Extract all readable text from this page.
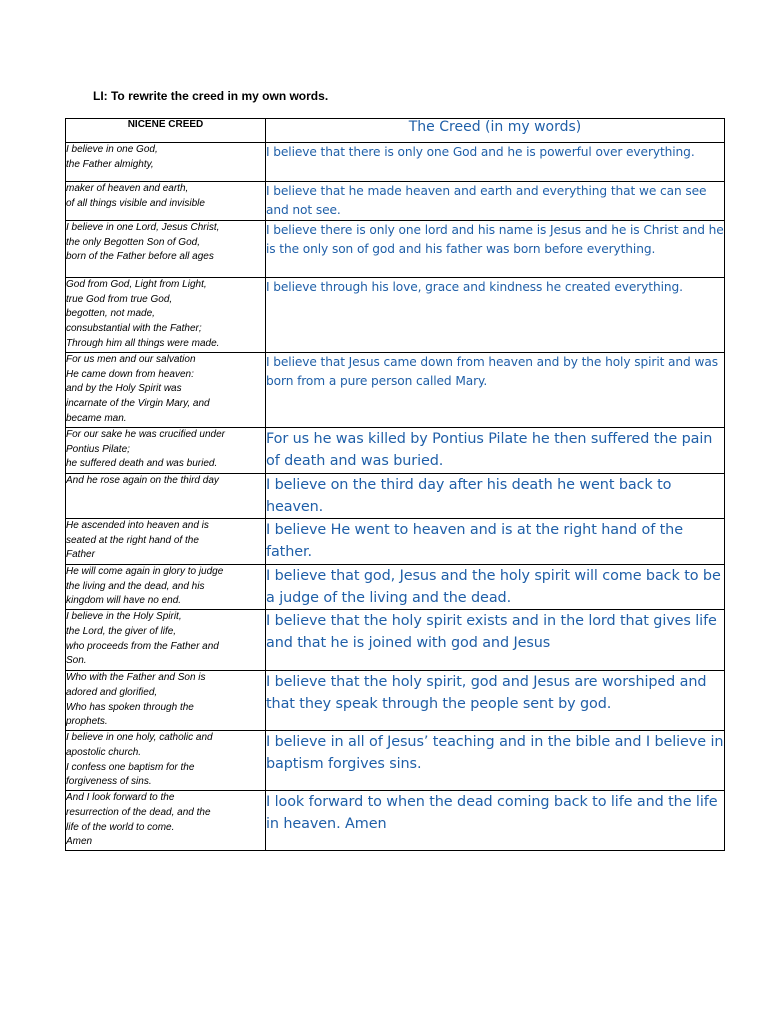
LI: To rewrite the creed in my own words.
NICENE CREED	The Creed (in my words)
I believe in one God,
the Father almighty,	I believe that there is only one God and he is powerful over everything.
maker of heaven and earth,
of all things visible and invisible	I believe that he made heaven and earth and everything that we can see and not see.
I believe in one Lord, Jesus Christ,
the only Begotten Son of God,
born of the Father before all ages	I believe there is only one lord and his name is Jesus and he is Christ and he is the only son of god and his father was born before everything.
God from God, Light from Light,
true God from true God,
begotten, not made,
consubstantial with the Father;
Through him all things were made.	I believe through his love, grace and kindness he created everything.
For us men and our salvation
He came down from heaven:
and by the Holy Spirit was
incarnate of the Virgin Mary, and
became man.	I believe that Jesus came down from heaven and by the holy spirit and was born from a pure person called Mary.
For our sake he was crucified under
Pontius Pilate;
he suffered death and was buried.	For us he was killed by Pontius Pilate he then suffered the pain of death and was buried.
And he rose again on the third day	I believe on the third day after his death he went back to heaven.
He ascended into heaven and is
seated at the right hand of the
Father	I believe He went to heaven and is at the right hand of the father.
He will come again in glory to judge
the living and the dead, and his
kingdom will have no end.	I believe that god, Jesus and the holy spirit will come back to be a judge of the living and the dead.
I believe in the Holy Spirit,
the Lord, the giver of life,
who proceeds from the Father and
Son.	I believe that the holy spirit exists and in the lord that gives life and that he is joined with god and Jesus
Who with the Father and Son is
adored and glorified,
Who has spoken through the
prophets.	I believe that the holy spirit, god and Jesus are worshiped and that they speak through the people sent by god.
I believe in one holy, catholic and
apostolic church.
I confess one baptism for the
forgiveness of sins.	I believe in all of Jesus’ teaching and in the bible and I believe in baptism forgives sins.
And I look forward to the
resurrection of the dead, and the
life of the world to come.
Amen	I look forward to when the dead coming back to life and the life in heaven. Amen
